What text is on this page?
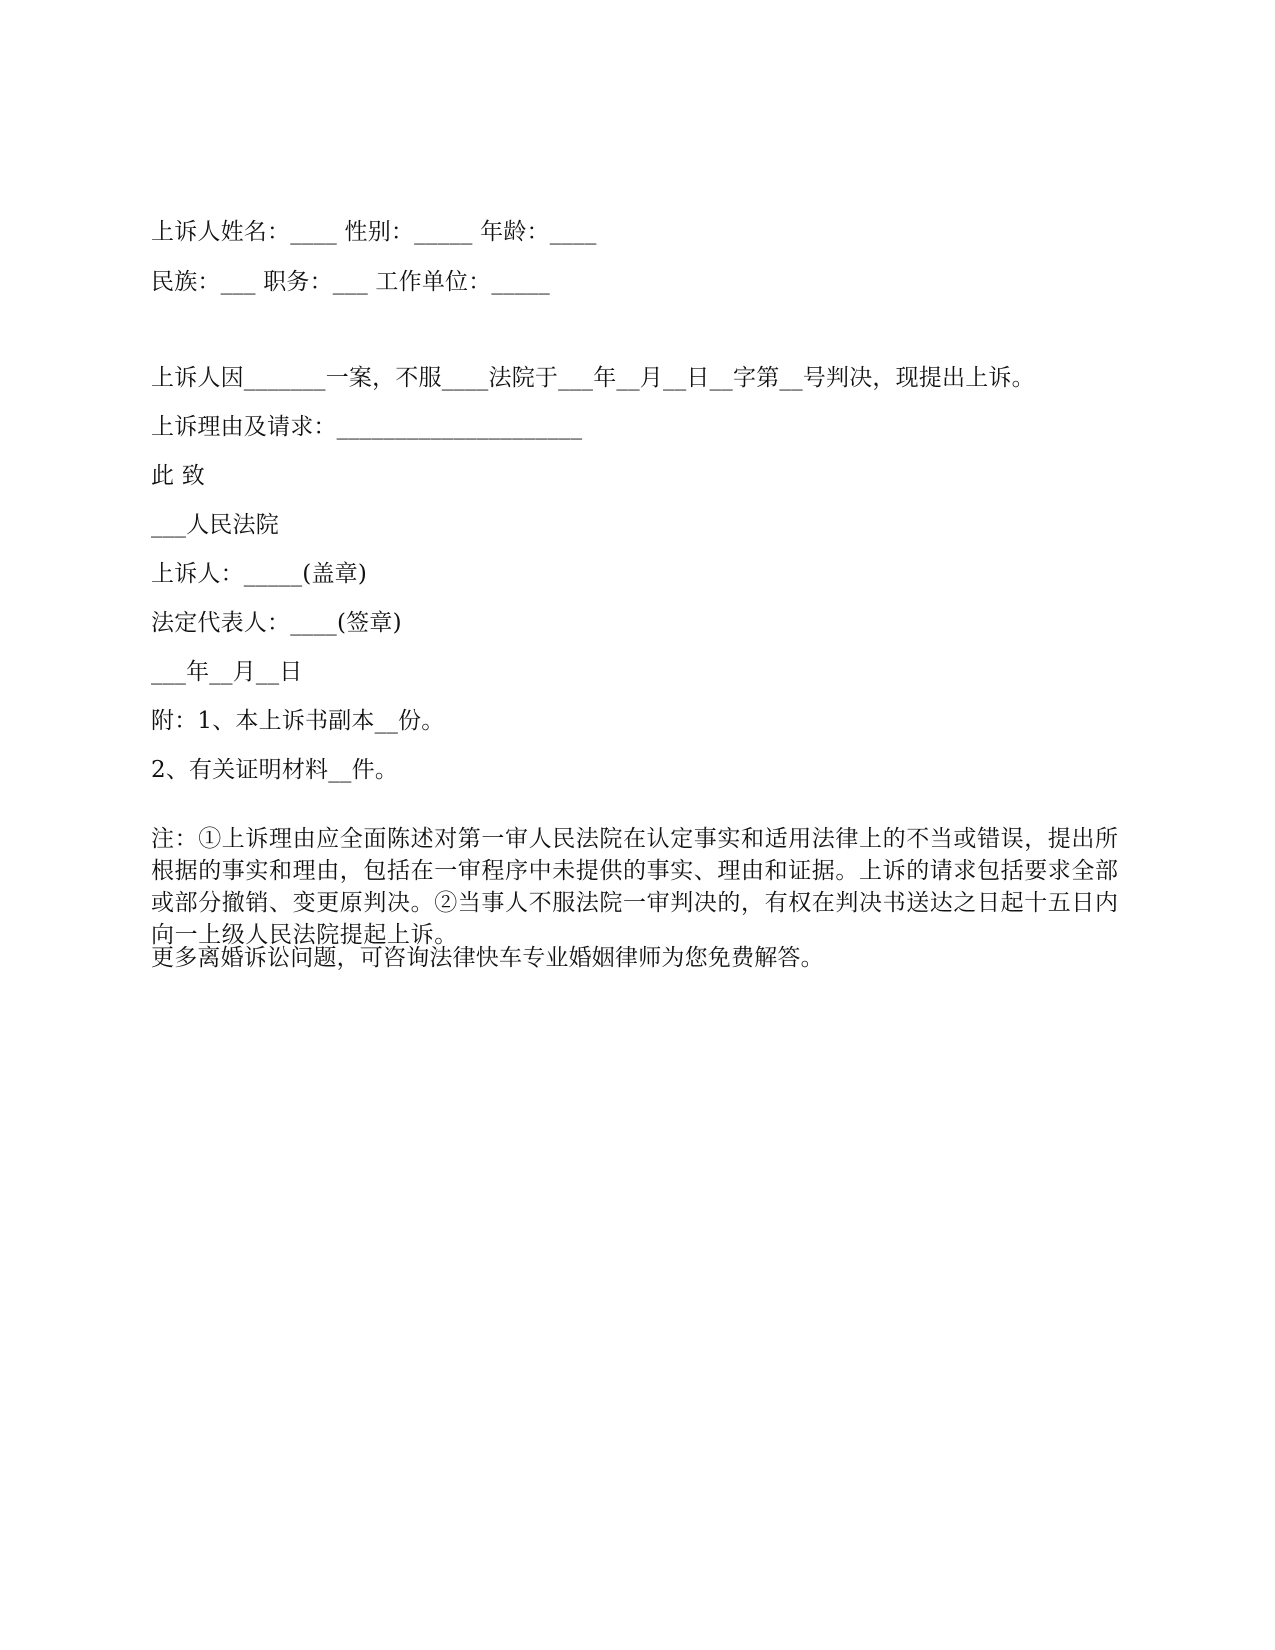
上诉人姓名：____ 性别：_____ 年龄：____
民族：___ 职务：___ 工作单位：_____
上诉人因_______一案，不服____法院于___年__月__日__字第__号判决，现提出上诉。
上诉理由及请求：_____________________
此 致
___人民法院
上诉人：_____(盖章)
法定代表人：____(签章)
___年__月__日
附：1、本上诉书副本__份。
2、有关证明材料__件。
注：①上诉理由应全面陈述对第一审人民法院在认定事实和适用法律上的不当或错误，提出所根据的事实和理由，包括在一审程序中未提供的事实、理由和证据。上诉的请求包括要求全部或部分撤销、变更原判决。②当事人不服法院一审判决的，有权在判决书送达之日起十五日内向一上级人民法院提起上诉。
更多离婚诉讼问题，可咨询法律快车专业婚姻律师为您免费解答。
